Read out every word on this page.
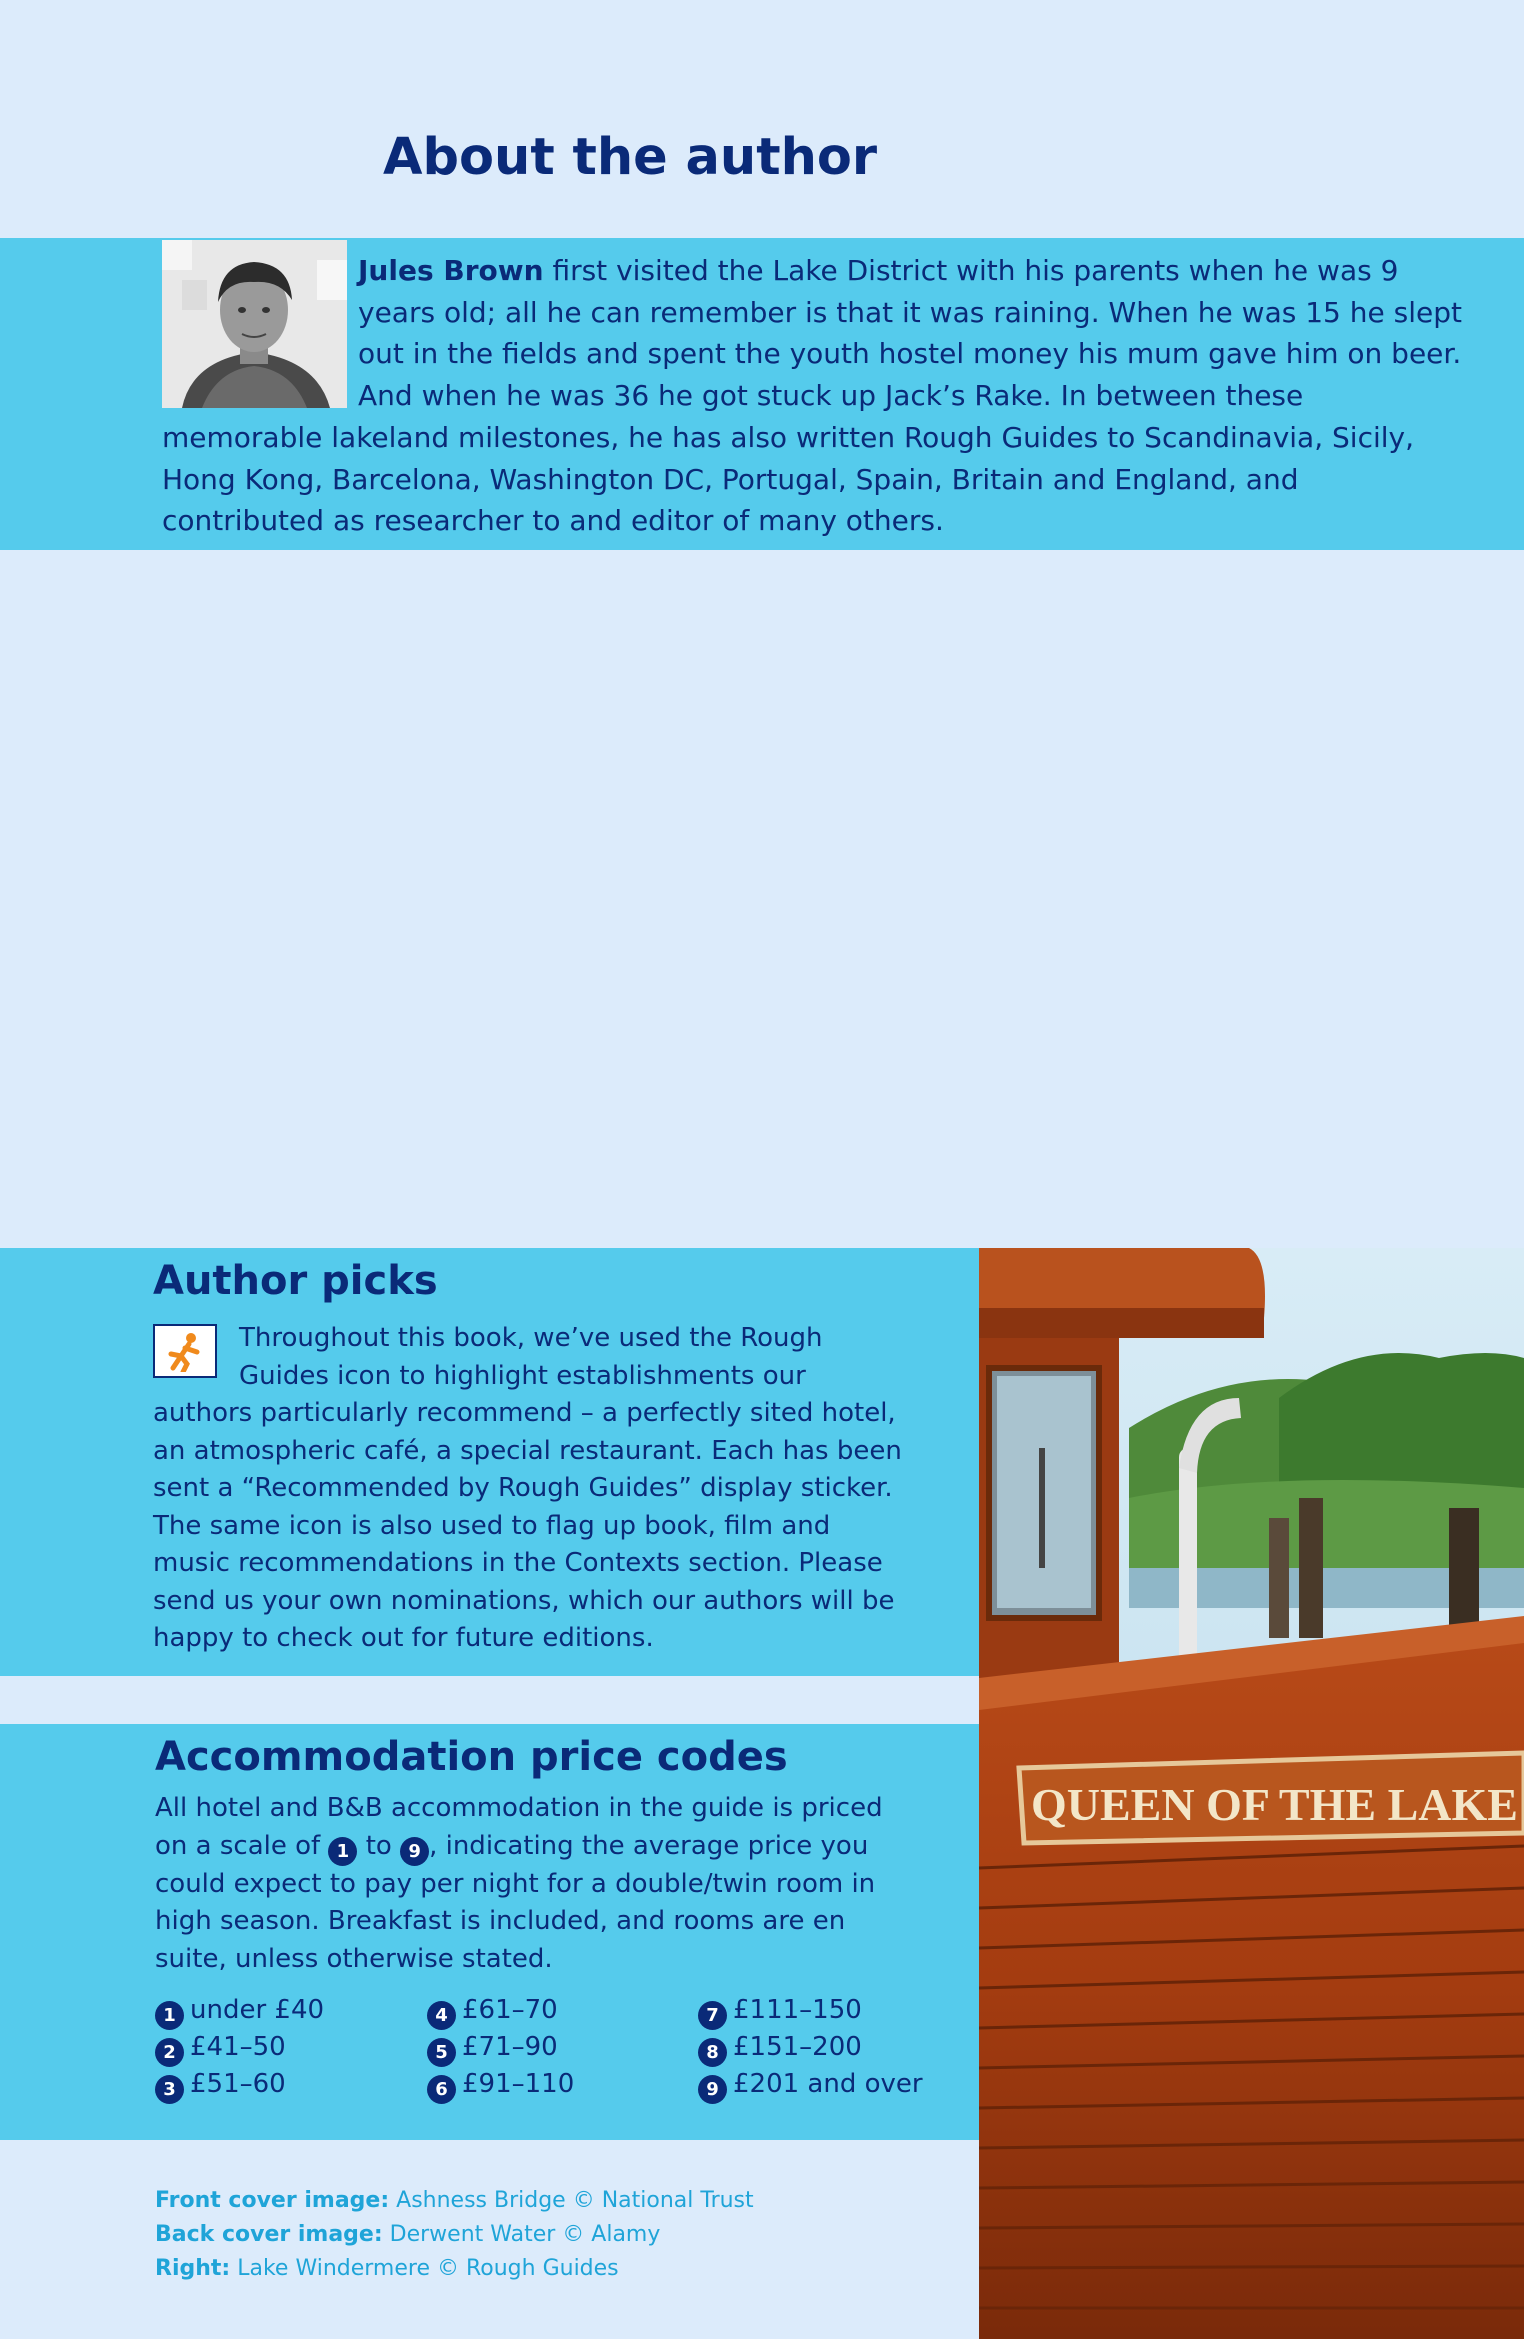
About the author

Jules Brown first visited the Lake District with his parents when he was 9 years old; all he can remember is that it was raining. When he was 15 he slept out in the fields and spent the youth hostel money his mum gave him on beer. And when he was 36 he got stuck up Jack’s Rake. In between these memorable lakeland milestones, he has also written Rough Guides to Scandinavia, Sicily, Hong Kong, Barcelona, Washington DC, Portugal, Spain, Britain and England, and contributed as researcher to and editor of many others.

Author picks

Throughout this book, we’ve used the Rough Guides icon to highlight establishments our authors particularly recommend – a perfectly sited hotel, an atmospheric café, a special restaurant. Each has been sent a “Recommended by Rough Guides” display sticker. The same icon is also used to flag up book, film and music recommendations in the Contexts section. Please send us your own nominations, which our authors will be happy to check out for future editions.

Accommodation price codes

All hotel and B&B accommodation in the guide is priced on a scale of 1 to 9 , indicating the average price you could expect to pay per night for a double/twin room in high season. Breakfast is included, and rooms are en suite, unless otherwise stated.

1 under £40
2 £41–50
3 £51–60
4 £61–70
5 £71–90
6 £91–110
7 £111–150
8 £151–200
9 £201 and over
Front cover image: Ashness Bridge © National Trust
Back cover image: Derwent Water © Alamy
Right: Lake Windermere © Rough Guides
QUEEN OF THE LAKE
